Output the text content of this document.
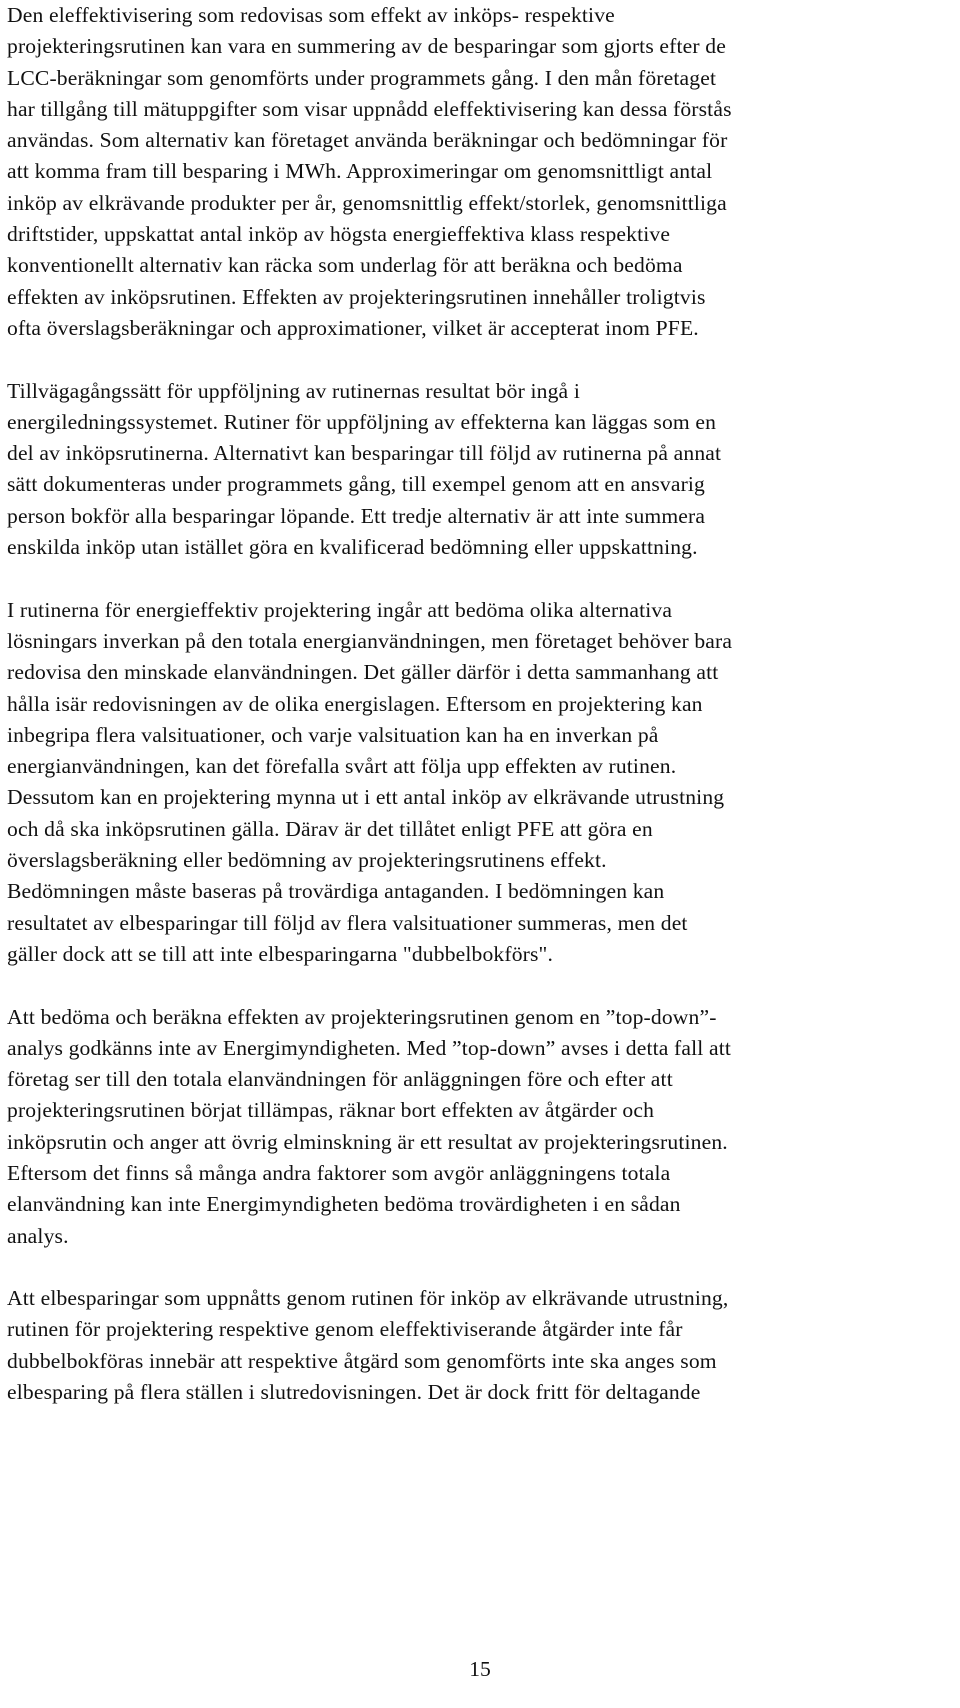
Den eleffektivisering som redovisas som effekt av inköps- respektive
projekteringsrutinen kan vara en summering av de besparingar som gjorts efter de
LCC-beräkningar som genomförts under programmets gång. I den mån företaget
har tillgång till mätuppgifter som visar uppnådd eleffektivisering kan dessa förstås
användas. Som alternativ kan företaget använda beräkningar och bedömningar för
att komma fram till besparing i MWh. Approximeringar om genomsnittligt antal
inköp av elkrävande produkter per år, genomsnittlig effekt/storlek, genomsnittliga
driftstider, uppskattat antal inköp av högsta energieffektiva klass respektive
konventionellt alternativ kan räcka som underlag för att beräkna och bedöma
effekten av inköpsrutinen. Effekten av projekteringsrutinen innehåller troligtvis
ofta överslagsberäkningar och approximationer, vilket är accepterat inom PFE.

Tillvägagångssätt för uppföljning av rutinernas resultat bör ingå i
energiledningssystemet. Rutiner för uppföljning av effekterna kan läggas som en
del av inköpsrutinerna. Alternativt kan besparingar till följd av rutinerna på annat
sätt dokumenteras under programmets gång, till exempel genom att en ansvarig
person bokför alla besparingar löpande. Ett tredje alternativ är att inte summera
enskilda inköp utan istället göra en kvalificerad bedömning eller uppskattning.

I rutinerna för energieffektiv projektering ingår att bedöma olika alternativa
lösningars inverkan på den totala energianvändningen, men företaget behöver bara
redovisa den minskade elanvändningen. Det gäller därför i detta sammanhang att
hålla isär redovisningen av de olika energislagen. Eftersom en projektering kan
inbegripa flera valsituationer, och varje valsituation kan ha en inverkan på
energianvändningen, kan det förefalla svårt att följa upp effekten av rutinen.
Dessutom kan en projektering mynna ut i ett antal inköp av elkrävande utrustning
och då ska inköpsrutinen gälla. Därav är det tillåtet enligt PFE att göra en
överslagsberäkning eller bedömning av projekteringsrutinens effekt.
Bedömningen måste baseras på trovärdiga antaganden. I bedömningen kan
resultatet av elbesparingar till följd av flera valsituationer summeras, men det
gäller dock att se till att inte elbesparingarna "dubbelbokförs".

Att bedöma och beräkna effekten av projekteringsrutinen genom en ”top-down”-
analys godkänns inte av Energimyndigheten. Med ”top-down” avses i detta fall att
företag ser till den totala elanvändningen för anläggningen före och efter att
projekteringsrutinen börjat tillämpas, räknar bort effekten av åtgärder och
inköpsrutin och anger att övrig elminskning är ett resultat av projekteringsrutinen.
Eftersom det finns så många andra faktorer som avgör anläggningens totala
elanvändning kan inte Energimyndigheten bedöma trovärdigheten i en sådan
analys.

Att elbesparingar som uppnåtts genom rutinen för inköp av elkrävande utrustning,
rutinen för projektering respektive genom eleffektiviserande åtgärder inte får
dubbelbokföras innebär att respektive åtgärd som genomförts inte ska anges som
elbesparing på flera ställen i slutredovisningen. Det är dock fritt för deltagande

15
